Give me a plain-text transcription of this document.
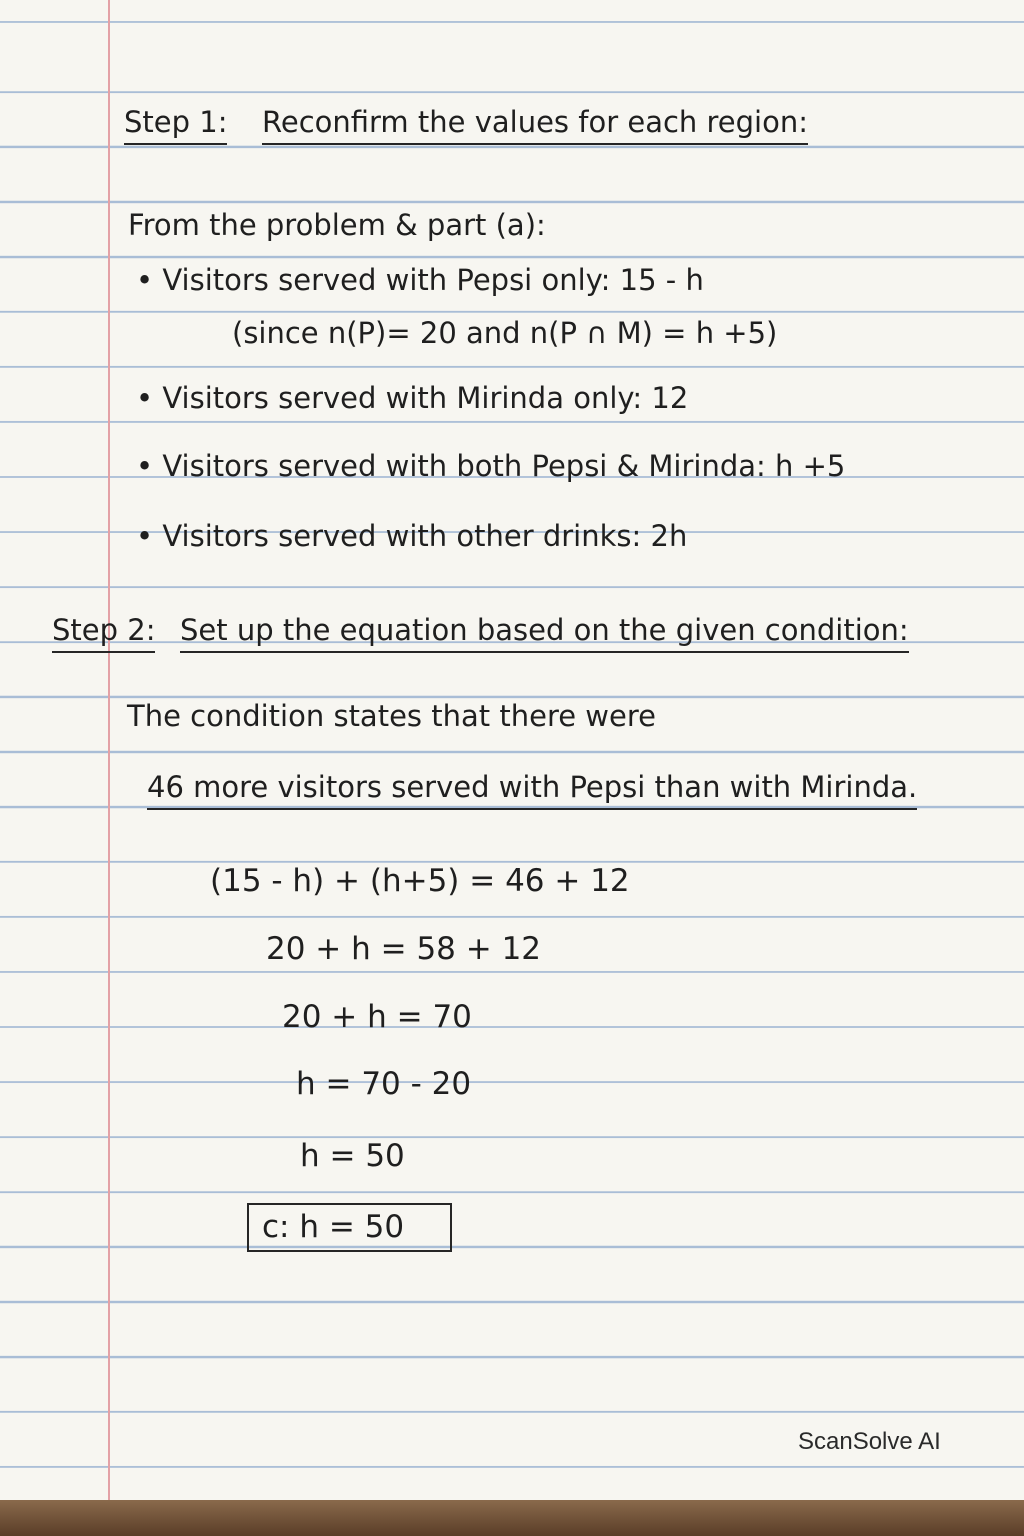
Step 1: Reconfirm the values for each region:
From the problem & part (a):
• Visitors served with Pepsi only: 15 - h
(since n(P)= 20 and n(P ∩ M) = h +5)
• Visitors served with Mirinda only: 12
• Visitors served with both Pepsi & Mirinda: h +5
• Visitors served with other drinks: 2h
Step 2: Set up the equation based on the given condition:
The condition states that there were
46 more visitors served with Pepsi than with Mirinda.
(15 - h) + (h+5) = 46 + 12
20 + h = 58 + 12
20 + h = 70
h = 70 - 20
h = 50
c: h = 50
ScanSolve AI
